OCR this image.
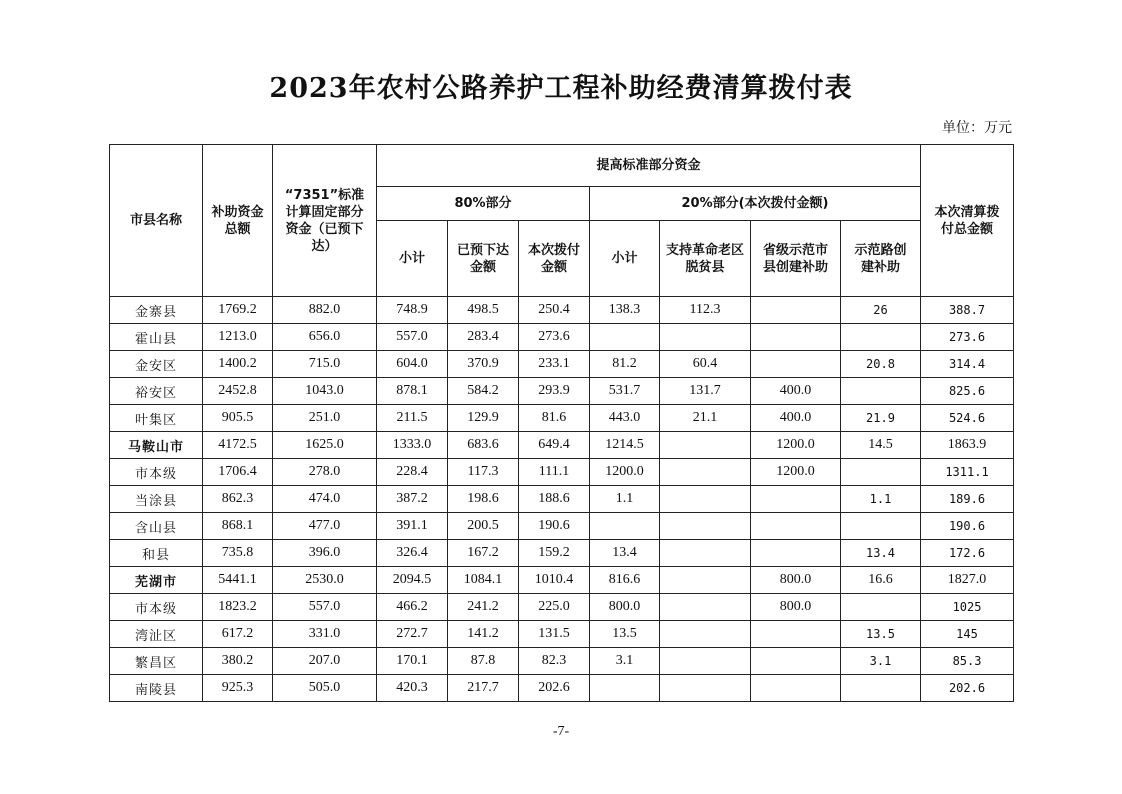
2023年农村公路养护工程补助经费清算拨付表
单位：万元
市县名称	补助资金总额	“7351”标准计算固定部分资金（已预下达）	提高标准部分资金							本次清算拨付总金额
			80%部分			20%部分(本次拨付金额)				
			小计	已预下达金额	本次拨付金额	小计	支持革命老区脱贫县	省级示范市县创建补助	示范路创建补助	
金寨县	1769.2	882.0	748.9	498.5	250.4	138.3	112.3		26	388.7
霍山县	1213.0	656.0	557.0	283.4	273.6					273.6
金安区	1400.2	715.0	604.0	370.9	233.1	81.2	60.4		20.8	314.4
裕安区	2452.8	1043.0	878.1	584.2	293.9	531.7	131.7	400.0		825.6
叶集区	905.5	251.0	211.5	129.9	81.6	443.0	21.1	400.0	21.9	524.6
马鞍山市	4172.5	1625.0	1333.0	683.6	649.4	1214.5		1200.0	14.5	1863.9
市本级	1706.4	278.0	228.4	117.3	111.1	1200.0		1200.0		1311.1
当涂县	862.3	474.0	387.2	198.6	188.6	1.1			1.1	189.6
含山县	868.1	477.0	391.1	200.5	190.6					190.6
和县	735.8	396.0	326.4	167.2	159.2	13.4			13.4	172.6
芜湖市	5441.1	2530.0	2094.5	1084.1	1010.4	816.6		800.0	16.6	1827.0
市本级	1823.2	557.0	466.2	241.2	225.0	800.0		800.0		1025
湾沚区	617.2	331.0	272.7	141.2	131.5	13.5			13.5	145
繁昌区	380.2	207.0	170.1	87.8	82.3	3.1			3.1	85.3
南陵县	925.3	505.0	420.3	217.7	202.6					202.6
-7-
